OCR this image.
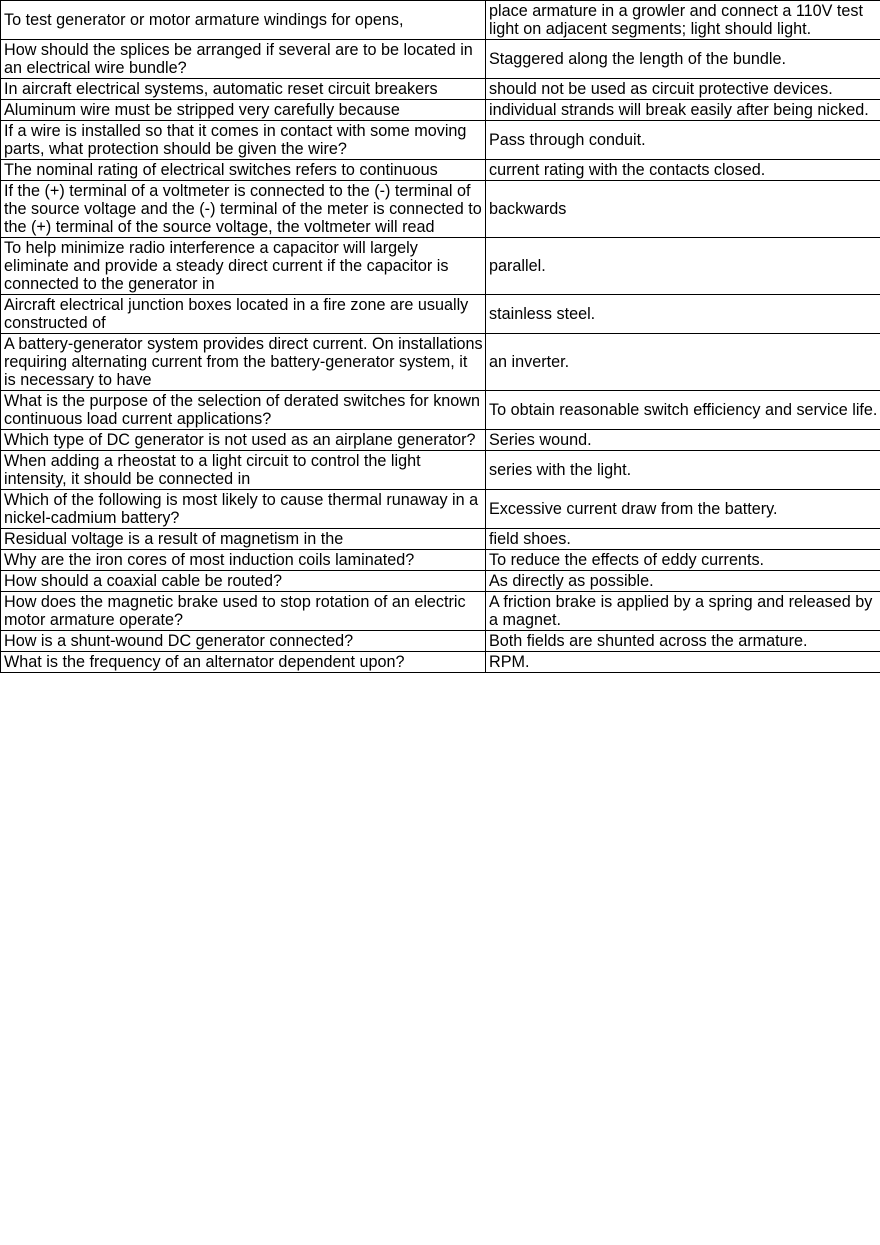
To test generator or motor armature windings for opens,	place armature in a growler and connect a 110V test light on adjacent segments; light should light.
How should the splices be arranged if several are to be located in an electrical wire bundle?	Staggered along the length of the bundle.
In aircraft electrical systems, automatic reset circuit breakers	should not be used as circuit protective devices.
Aluminum wire must be stripped very carefully because	individual strands will break easily after being nicked.
If a wire is installed so that it comes in contact with some moving parts, what protection should be given the wire?	Pass through conduit.
The nominal rating of electrical switches refers to continuous	current rating with the contacts closed.
If the (+) terminal of a voltmeter is connected to the (-) terminal of the source voltage and the (-) terminal of the meter is connected to the (+) terminal of the source voltage, the voltmeter will read	backwards
To help minimize radio interference a capacitor will largely eliminate and provide a steady direct current if the capacitor is connected to the generator in	parallel.
Aircraft electrical junction boxes located in a fire zone are usually constructed of	stainless steel.
A battery-generator system provides direct current. On installations requiring alternating current from the battery-generator system, it is necessary to have	an inverter.
What is the purpose of the selection of derated switches for known continuous load current applications?	To obtain reasonable switch efficiency and service life.
Which type of DC generator is not used as an airplane generator?	Series wound.
When adding a rheostat to a light circuit to control the light intensity, it should be connected in	series with the light.
Which of the following is most likely to cause thermal runaway in a nickel-cadmium battery?	Excessive current draw from the battery.
Residual voltage is a result of magnetism in the	field shoes.
Why are the iron cores of most induction coils laminated?	To reduce the effects of eddy currents.
How should a coaxial cable be routed?	As directly as possible.
How does the magnetic brake used to stop rotation of an electric motor armature operate?	A friction brake is applied by a spring and released by a magnet.
How is a shunt-wound DC generator connected?	Both fields are shunted across the armature.
What is the frequency of an alternator dependent upon?	RPM.
